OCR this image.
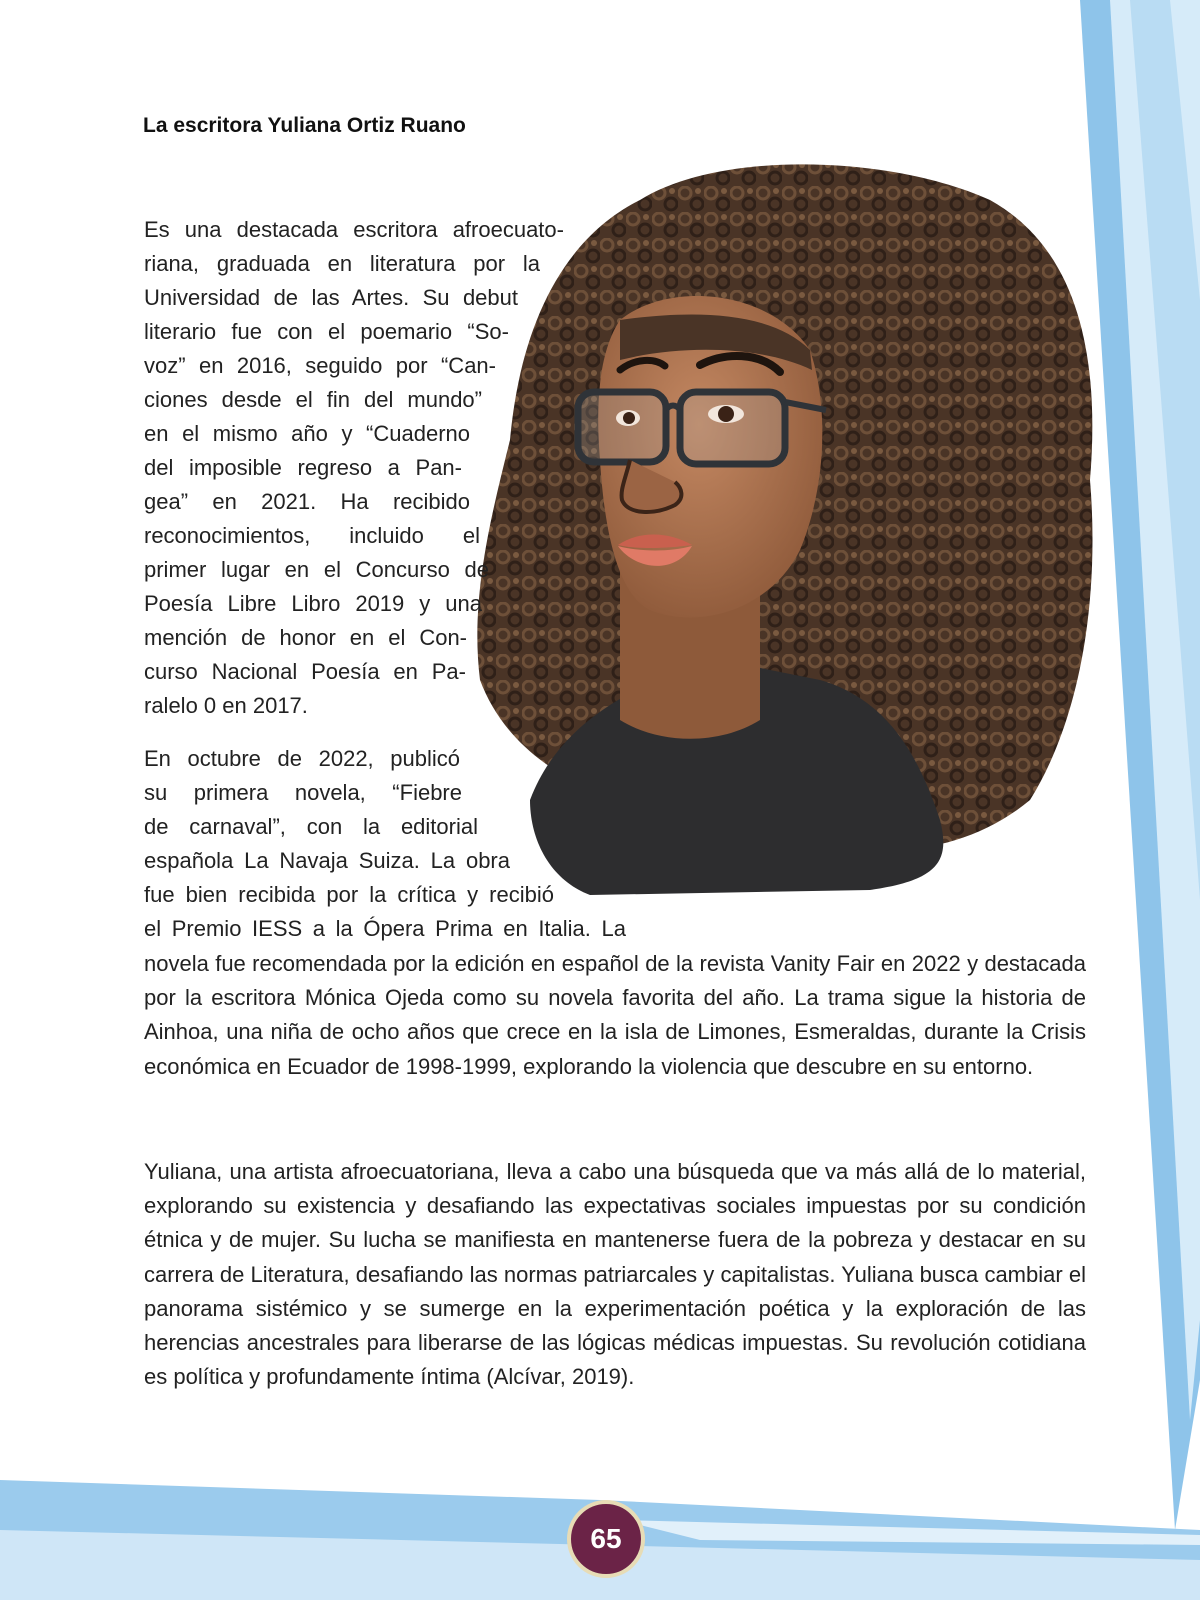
La escritora Yuliana Ortiz Ruano
Es una destacada escritora afroecuato-
riana, graduada en literatura por la
Universidad de las Artes. Su debut
literario fue con el poemario “So-
voz” en 2016, seguido por “Can-
ciones desde el fin del mundo”
en el mismo año y “Cuaderno
del imposible regreso a Pan-
gea” en 2021. Ha recibido
reconocimientos, incluido el
primer lugar en el Concurso de
Poesía Libre Libro 2019 y una
mención de honor en el Con-
curso Nacional Poesía en Pa-
ralelo 0 en 2017.
En octubre de 2022, publicó
su primera novela, “Fiebre
de carnaval”, con la editorial
española La Navaja Suiza. La obra
fue bien recibida por la crítica y recibió
el Premio IESS a la Ópera Prima en Italia. La

novela fue recomendada por la edición en español de la revista Vanity Fair en 2022 y destacada por la escritora Mónica Ojeda como su novela favorita del año. La trama sigue la historia de Ainhoa, una niña de ocho años que crece en la isla de Limones, Esmeraldas, durante la Crisis económica en Ecuador de 1998-1999, explorando la violencia que descubre en su entorno.

Yuliana, una artista afroecuatoriana, lleva a cabo una búsqueda que va más allá de lo material, explorando su existencia y desafiando las expectativas sociales impuestas por su condición étnica y de mujer. Su lucha se manifiesta en mantenerse fuera de la pobreza y destacar en su carrera de Literatura, desafiando las normas patriarcales y capitalistas. Yuliana busca cambiar el panorama sistémico y se sumerge en la experimentación poética y la exploración de las herencias ancestrales para liberarse de las lógicas médicas impuestas. Su revolución cotidiana es política y profundamente íntima (Alcívar, 2019).

65
